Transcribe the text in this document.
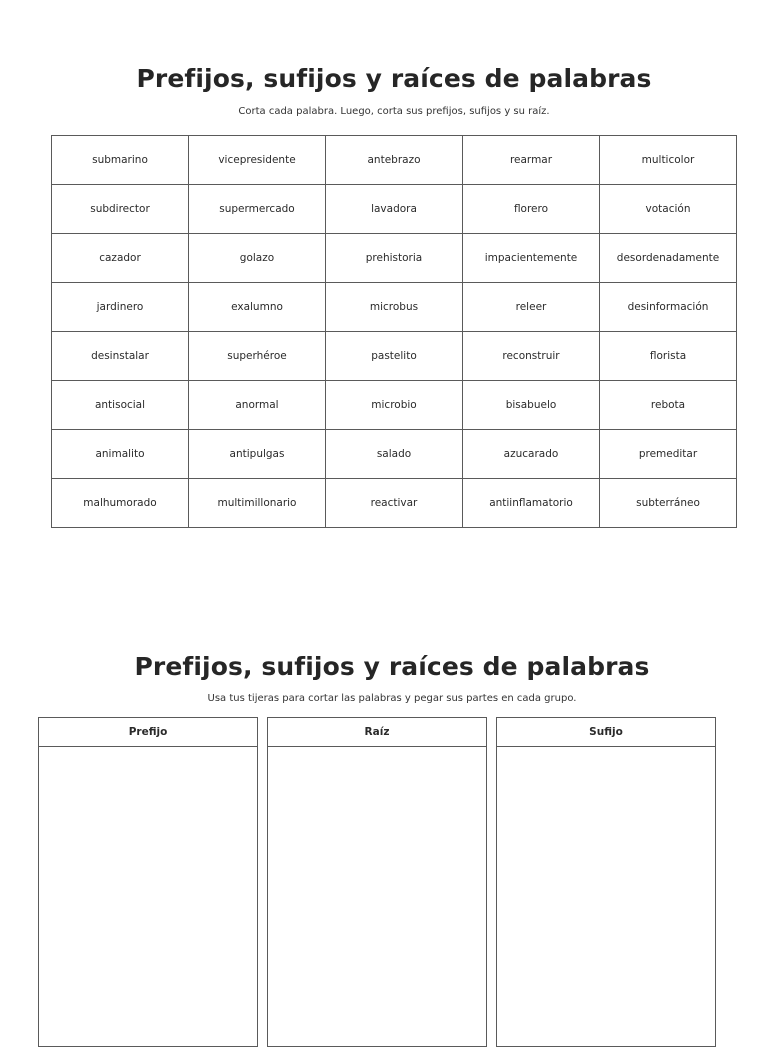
Prefijos, sufijos y raíces de palabras

Corta cada palabra. Luego, corta sus prefijos, sufijos y su raíz.

submarino	vicepresidente	antebrazo	rearmar	multicolor
subdirector	supermercado	lavadora	florero	votación
cazador	golazo	prehistoria	impacientemente	desordenadamente
jardinero	exalumno	microbus	releer	desinformación
desinstalar	superhéroe	pastelito	reconstruir	florista
antisocial	anormal	microbio	bisabuelo	rebota
animalito	antipulgas	salado	azucarado	premeditar
malhumorado	multimillonario	reactivar	antiinflamatorio	subterráneo
Prefijos, sufijos y raíces de palabras

Usa tus tijeras para cortar las palabras y pegar sus partes en cada grupo.

Prefijo	Raíz	Sufijo
